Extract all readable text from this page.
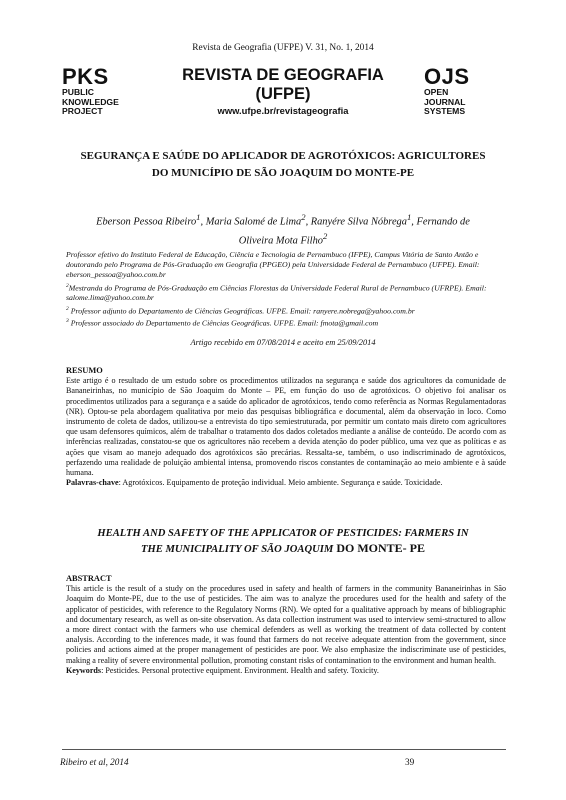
Revista de Geografia (UFPE) V. 31, No. 1, 2014
PKS
PUBLIC
KNOWLEDGE
PROJECT
REVISTA DE GEOGRAFIA
(UFPE)
www.ufpe.br/revistageografia
OJS
OPEN
JOURNAL
SYSTEMS
SEGURANÇA E SAÚDE DO APLICADOR DE AGROTÓXICOS: AGRICULTORES
DO MUNICÍPIO DE SÃO JOAQUIM DO MONTE-PE
Eberson Pessoa Ribeiro$^1$, Maria Salomé de Lima$^2$, Ranyére Silva Nóbrega$^1$, Fernando de
Oliveira Mota Filho$^2$

Professor efetivo do Instituto Federal de Educação, Ciência e Tecnologia de Pernambuco (IFPE), Campus Vitória de Santo Antão e doutorando pelo Programa de Pós-Graduação em Geografia (PPGEO) pela Universidade Federal de Pernambuco (UFPE). Email: eberson_pessoa@yahoo.com.br

$^2$Mestranda do Programa de Pós-Graduação em Ciências Florestas da Universidade Federal Rural de Pernambuco (UFRPE). Email: salome.lima@yahoo.com.br

$^2$ Professor adjunto do Departamento de Ciências Geográficas. UFPE. Email: ranyere.nobrega@yahoo.com.br

$^3$ Professor associado do Departamento de Ciências Geográficas. UFPE. Email: fmota@gmail.com

Artigo recebido em 07/08/2014 e aceito em 25/09/2014
RESUMO

Este artigo é o resultado de um estudo sobre os procedimentos utilizados na segurança e saúde dos agricultores da comunidade de Bananeirinhas, no município de São Joaquim do Monte – PE, em função do uso de agrotóxicos. O objetivo foi analisar os procedimentos utilizados para a segurança e a saúde do aplicador de agrotóxicos, tendo como referência as Normas Regulamentadoras (NR). Optou-se pela abordagem qualitativa por meio das pesquisas bibliográfica e documental, além da observação in loco. Como instrumento de coleta de dados, utilizou-se a entrevista do tipo semiestruturada, por permitir um contato mais direto com agricultores que usam defensores químicos, além de trabalhar o tratamento dos dados coletados mediante a análise de conteúdo. De acordo com as inferências realizadas, constatou-se que os agricultores não recebem a devida atenção do poder público, uma vez que as políticas e as ações que visam ao manejo adequado dos agrotóxicos são precárias. Ressalta-se, também, o uso indiscriminado de agrotóxicos, perfazendo uma realidade de poluição ambiental intensa, promovendo riscos constantes de contaminação ao meio ambiente e à saúde humana.

Palavras-chave: Agrotóxicos. Equipamento de proteção individual. Meio ambiente. Segurança e saúde. Toxicidade.

HEALTH AND SAFETY OF THE APPLICATOR OF PESTICIDES: FARMERS IN
THE MUNICIPALITY OF SÃO JOAQUIM DO MONTE- PE
ABSTRACT

This article is the result of a study on the procedures used in safety and health of farmers in the community Bananeirinhas in São Joaquim do Monte-PE, due to the use of pesticides. The aim was to analyze the procedures used for the health and safety of the applicator of pesticides, with reference to the Regulatory Norms (RN). We opted for a qualitative approach by means of bibliographic and documentary research, as well as on-site observation. As data collection instrument was used to interview semi-structured to allow a more direct contact with the farmers who use chemical defenders as well as working the treatment of data collected by content analysis. According to the inferences made, it was found that farmers do not receive adequate attention from the government, since policies and actions aimed at the proper management of pesticides are poor. We also emphasize the indiscriminate use of pesticides, making a reality of severe environmental pollution, promoting constant risks of contamination to the environment and human health.

Keywords: Pesticides. Personal protective equipment. Environment. Health and safety. Toxicity.

Ribeiro et al, 2014	39
